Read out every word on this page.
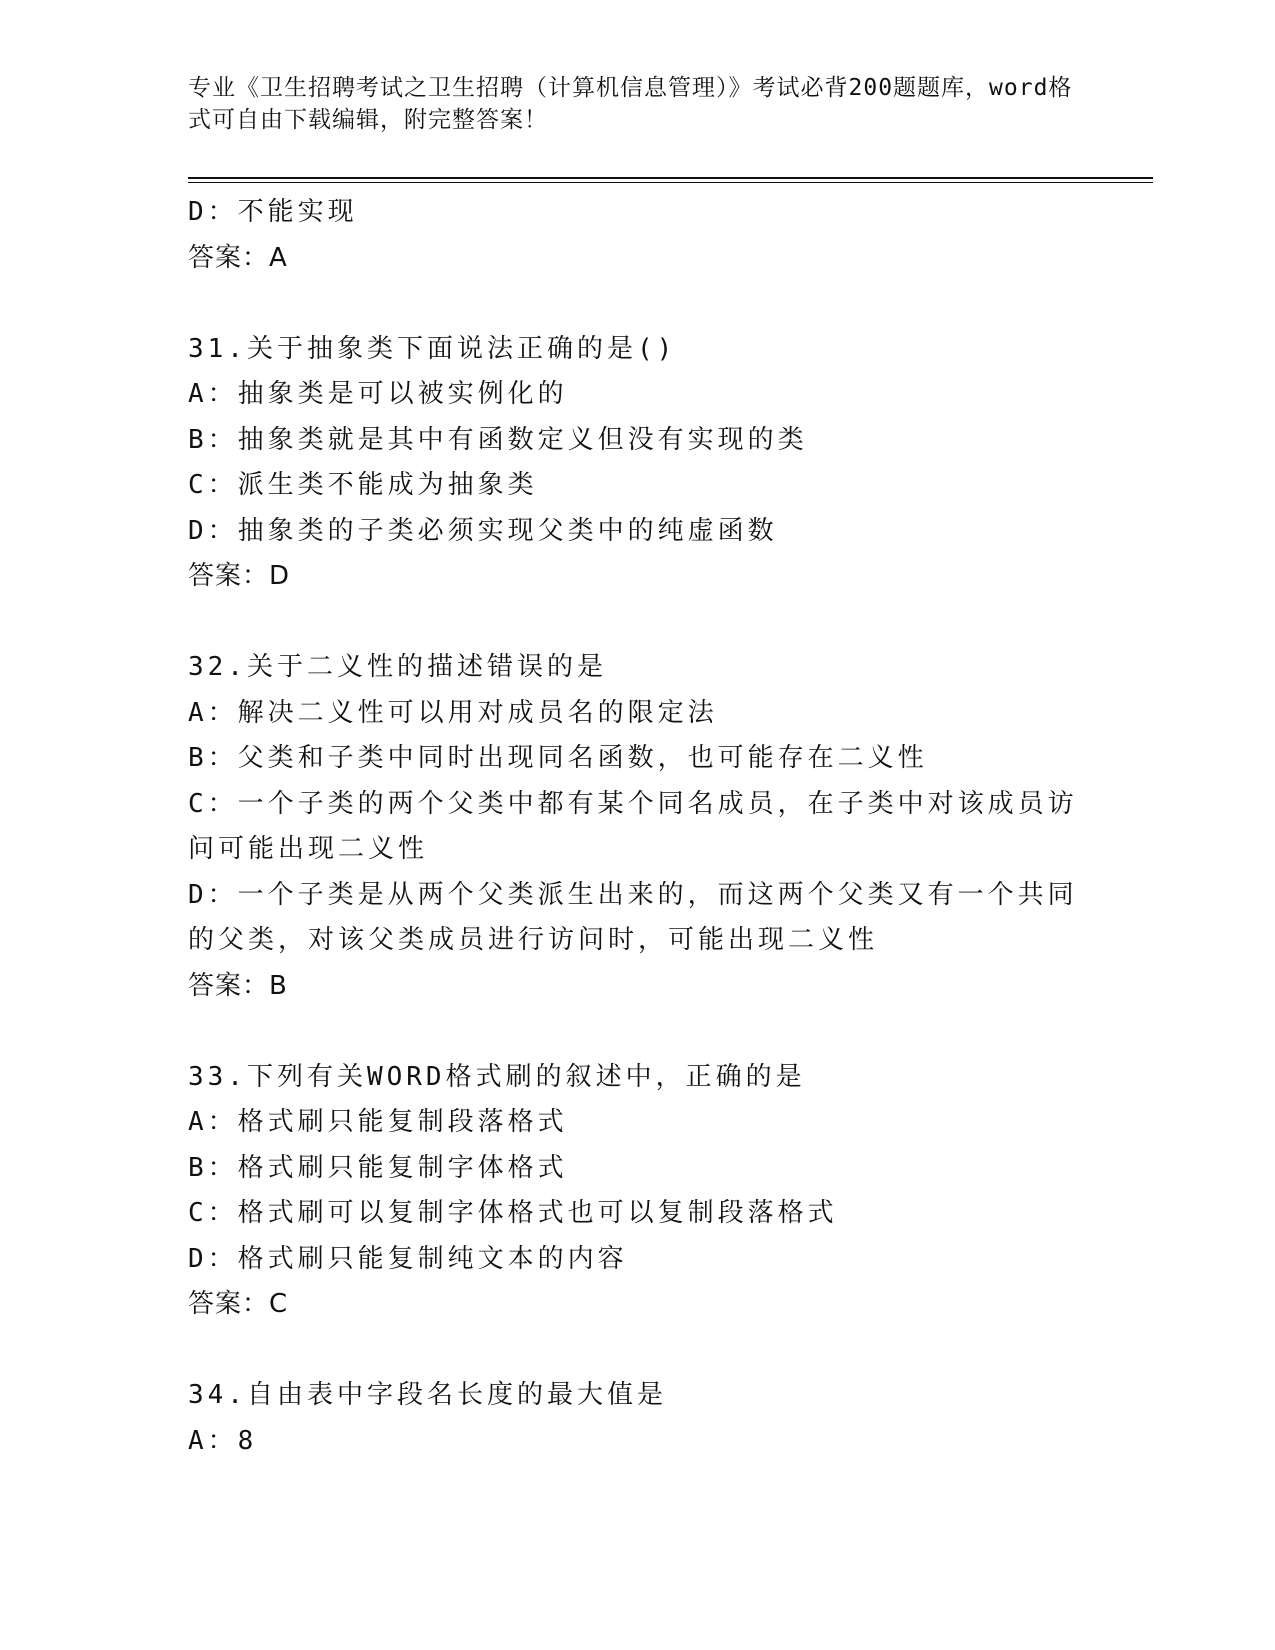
专业《卫生招聘考试之卫生招聘（计算机信息管理）》考试必背200题题库，word格式可自由下载编辑，附完整答案！
D：不能实现
答案：A
31.关于抽象类下面说法正确的是()
A：抽象类是可以被实例化的
B：抽象类就是其中有函数定义但没有实现的类
C：派生类不能成为抽象类
D：抽象类的子类必须实现父类中的纯虚函数
答案：D
32.关于二义性的描述错误的是
A：解决二义性可以用对成员名的限定法
B：父类和子类中同时出现同名函数，也可能存在二义性
C：一个子类的两个父类中都有某个同名成员，在子类中对该成员访问可能出现二义性
D：一个子类是从两个父类派生出来的，而这两个父类又有一个共同的父类，对该父类成员进行访问时，可能出现二义性
答案：B
33.下列有关WORD格式刷的叙述中，正确的是
A：格式刷只能复制段落格式
B：格式刷只能复制字体格式
C：格式刷可以复制字体格式也可以复制段落格式
D：格式刷只能复制纯文本的内容
答案：C
34.自由表中字段名长度的最大值是
A：8
